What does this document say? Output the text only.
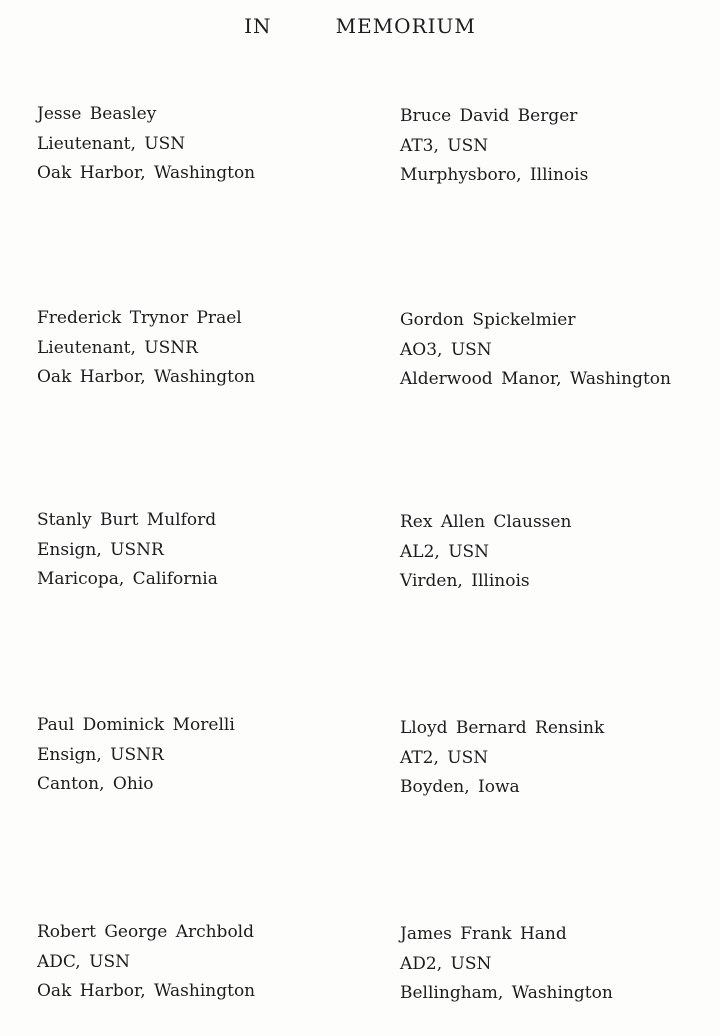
IN   MEMORIUM
Jesse Beasley
Lieutenant, USN
Oak Harbor, Washington
Bruce David Berger
AT3, USN
Murphysboro, Illinois
Frederick Trynor Prael
Lieutenant, USNR
Oak Harbor, Washington
Gordon Spickelmier
AO3, USN
Alderwood Manor, Washington
Stanly Burt Mulford
Ensign, USNR
Maricopa, California
Rex Allen Claussen
AL2, USN
Virden, Illinois
Paul Dominick Morelli
Ensign, USNR
Canton, Ohio
Lloyd Bernard Rensink
AT2, USN
Boyden, Iowa
Robert George Archbold
ADC, USN
Oak Harbor, Washington
James Frank Hand
AD2, USN
Bellingham, Washington
